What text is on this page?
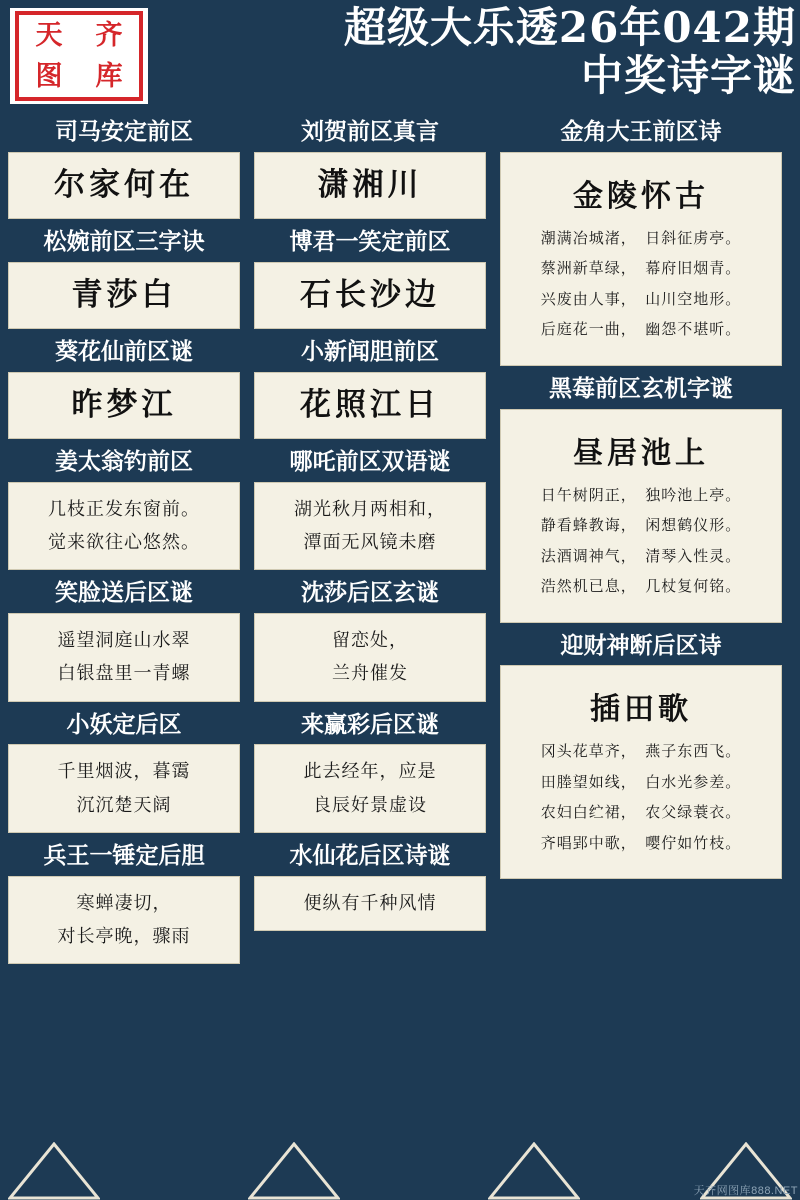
齐
天
库
图
超级大乐透26年042期
中奖诗字谜
司马安定前区
尔家何在
松婉前区三字诀
青莎白
葵花仙前区谜
昨梦江
姜太翁钓前区
几枝正发东窗前。
觉来欲往心悠然。
笑脸送后区谜
遥望洞庭山水翠
白银盘里一青螺
小妖定后区
千里烟波，暮霭
沉沉楚天阔
兵王一锤定后胆
寒蝉凄切，
对长亭晚，骤雨
刘贺前区真言
潇湘川
博君一笑定前区
石长沙边
小新闻胆前区
花照江日
哪吒前区双语谜
湖光秋月两相和，
潭面无风镜未磨
沈莎后区玄谜
留恋处，
兰舟催发
来赢彩后区谜
此去经年，应是
良辰好景虚设
水仙花后区诗谜
便纵有千种风情
金角大王前区诗
金陵怀古
潮满冶城渚，　日斜征虏亭。
蔡洲新草绿，　幕府旧烟青。
兴废由人事，　山川空地形。
后庭花一曲，　幽怨不堪听。
黑莓前区玄机字谜
昼居池上
日午树阴正，　独吟池上亭。
静看蜂教诲，　闲想鹤仪形。
法酒调神气，　清琴入性灵。
浩然机已息，　几杖复何铭。
迎财神断后区诗
插田歌
冈头花草齐，　燕子东西飞。
田塍望如线，　白水光参差。
农妇白纻裙，　农父绿蓑衣。
齐唱郢中歌，　嘤佇如竹枝。
天齐网图库888.NET
